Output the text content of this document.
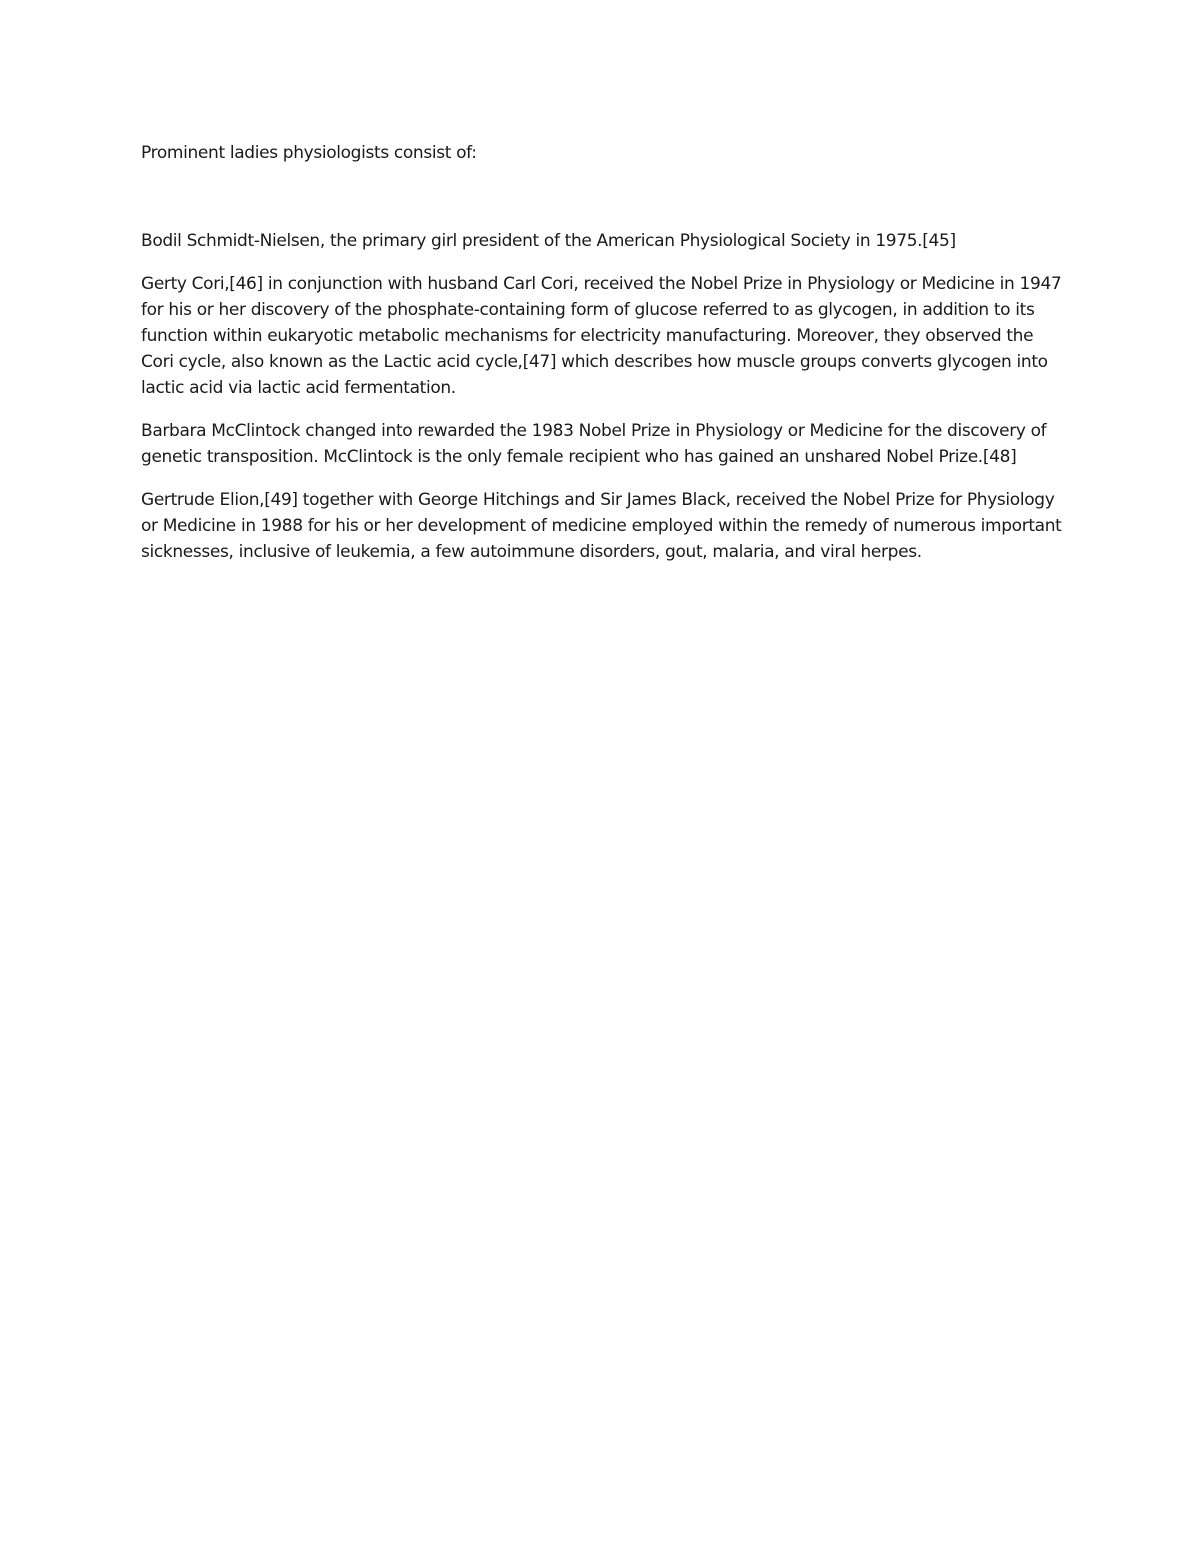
Prominent ladies physiologists consist of:

Bodil Schmidt-Nielsen, the primary girl president of the American Physiological Society in 1975.[45]

Gerty Cori,[46] in conjunction with husband Carl Cori, received the Nobel Prize in Physiology or Medicine in 1947 for his or her discovery of the phosphate-containing form of glucose referred to as glycogen, in addition to its function within eukaryotic metabolic mechanisms for electricity manufacturing. Moreover, they observed the Cori cycle, also known as the Lactic acid cycle,[47] which describes how muscle groups converts glycogen into lactic acid via lactic acid fermentation.

Barbara McClintock changed into rewarded the 1983 Nobel Prize in Physiology or Medicine for the discovery of genetic transposition. McClintock is the only female recipient who has gained an unshared Nobel Prize.[48]

Gertrude Elion,[49] together with George Hitchings and Sir James Black, received the Nobel Prize for Physiology or Medicine in 1988 for his or her development of medicine employed within the remedy of numerous important sicknesses, inclusive of leukemia, a few autoimmune disorders, gout, malaria, and viral herpes.
